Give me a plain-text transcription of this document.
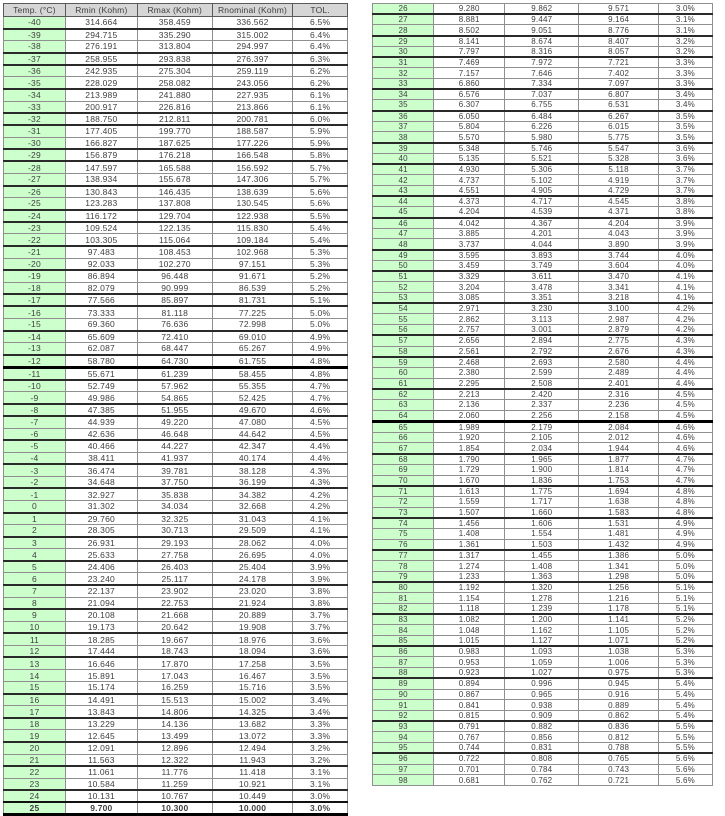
Temp. (°C)	Rmin (Kohm)	Rmax (Kohm)	Rnominal (Kohm)	TOL.
-40	314.664	358.459	336.562	6.5%
-39	294.715	335.290	315.002	6.4%
-38	276.191	313.804	294.997	6.4%
-37	258.955	293.838	276.397	6.3%
-36	242.935	275.304	259.119	6.2%
-35	228.029	258.082	243.056	6.2%
-34	213.989	241.880	227.935	6.1%
-33	200.917	226.816	213.866	6.1%
-32	188.750	212.811	200.781	6.0%
-31	177.405	199.770	188.587	5.9%
-30	166.827	187.625	177.226	5.9%
-29	156.879	176.218	166.548	5.8%
-28	147.597	165.588	156.592	5.7%
-27	138.934	155.678	147.306	5.7%
-26	130.843	146.435	138.639	5.6%
-25	123.283	137.808	130.545	5.6%
-24	116.172	129.704	122.938	5.5%
-23	109.524	122.135	115.830	5.4%
-22	103.305	115.064	109.184	5.4%
-21	97.483	108.453	102.968	5.3%
-20	92.033	102.270	97.151	5.3%
-19	86.894	96.448	91.671	5.2%
-18	82.079	90.999	86.539	5.2%
-17	77.566	85.897	81.731	5.1%
-16	73.333	81.118	77.225	5.0%
-15	69.360	76.636	72.998	5.0%
-14	65.609	72.410	69.010	4.9%
-13	62.087	68.447	65.267	4.9%
-12	58.780	64.730	61.755	4.8%
-11	55.671	61.239	58.455	4.8%
-10	52.749	57.962	55.355	4.7%
-9	49.986	54.865	52.425	4.7%
-8	47.385	51.955	49.670	4.6%
-7	44.939	49.220	47.080	4.5%
-6	42.636	46.648	44.642	4.5%
-5	40.466	44.227	42.347	4.4%
-4	38.411	41.937	40.174	4.4%
-3	36.474	39.781	38.128	4.3%
-2	34.648	37.750	36.199	4.3%
-1	32.927	35.838	34.382	4.2%
0	31.302	34.034	32.668	4.2%
1	29.760	32.325	31.043	4.1%
2	28.305	30.713	29.509	4.1%
3	26.931	29.193	28.062	4.0%
4	25.633	27.758	26.695	4.0%
5	24.406	26.403	25.404	3.9%
6	23.240	25.117	24.178	3.9%
7	22.137	23.902	23.020	3.8%
8	21.094	22.753	21.924	3.8%
9	20.108	21.668	20.889	3.7%
10	19.173	20.642	19.908	3.7%
11	18.285	19.667	18.976	3.6%
12	17.444	18.743	18.094	3.6%
13	16.646	17.870	17.258	3.5%
14	15.891	17.043	16.467	3.5%
15	15.174	16.259	15.716	3.5%
16	14.491	15.513	15.002	3.4%
17	13.843	14.806	14.325	3.4%
18	13.229	14.136	13.682	3.3%
19	12.645	13.499	13.072	3.3%
20	12.091	12.896	12.494	3.2%
21	11.563	12.322	11.943	3.2%
22	11.061	11.776	11.418	3.1%
23	10.584	11.259	10.921	3.1%
24	10.131	10.767	10.449	3.0%
25	9.700	10.300	10.000	3.0%
26	9.280	9.862	9.571	3.0%
27	8.881	9.447	9.164	3.1%
28	8.502	9.051	8.776	3.1%
29	8.141	8.674	8.407	3.2%
30	7.797	8.316	8.057	3.2%
31	7.469	7.972	7.721	3.3%
32	7.157	7.646	7.402	3.3%
33	6.860	7.334	7.097	3.3%
34	6.576	7.037	6.807	3.4%
35	6.307	6.755	6.531	3.4%
36	6.050	6.484	6.267	3.5%
37	5.804	6.226	6.015	3.5%
38	5.570	5.980	5.775	3.5%
39	5.348	5.746	5.547	3.6%
40	5.135	5.521	5.328	3.6%
41	4.930	5.306	5.118	3.7%
42	4.737	5.102	4.919	3.7%
43	4.551	4.905	4.729	3.7%
44	4.373	4.717	4.545	3.8%
45	4.204	4.539	4.371	3.8%
46	4.042	4.367	4.204	3.9%
47	3.885	4.201	4.043	3.9%
48	3.737	4.044	3.890	3.9%
49	3.595	3.893	3.744	4.0%
50	3.459	3.749	3.604	4.0%
51	3.329	3.611	3.470	4.1%
52	3.204	3.478	3.341	4.1%
53	3.085	3.351	3.218	4.1%
54	2.971	3.230	3.100	4.2%
55	2.862	3.113	2.987	4.2%
56	2.757	3.001	2.879	4.2%
57	2.656	2.894	2.775	4.3%
58	2.561	2.792	2.676	4.3%
59	2.468	2.693	2.580	4.4%
60	2.380	2.599	2.489	4.4%
61	2.295	2.508	2.401	4.4%
62	2.213	2.420	2.316	4.5%
63	2.136	2.337	2.236	4.5%
64	2.060	2.256	2.158	4.5%
65	1.989	2.179	2.084	4.6%
66	1.920	2.105	2.012	4.6%
67	1.854	2.034	1.944	4.6%
68	1.790	1.965	1.877	4.7%
69	1.729	1.900	1.814	4.7%
70	1.670	1.836	1.753	4.7%
71	1.613	1.775	1.694	4.8%
72	1.559	1.717	1.638	4.8%
73	1.507	1.660	1.583	4.8%
74	1.456	1.606	1.531	4.9%
75	1.408	1.554	1.481	4.9%
76	1.361	1.503	1.432	4.9%
77	1.317	1.455	1.386	5.0%
78	1.274	1.408	1.341	5.0%
79	1.233	1.363	1.298	5.0%
80	1.192	1.320	1.256	5.1%
81	1.154	1.278	1.216	5.1%
82	1.118	1.239	1.178	5.1%
83	1.082	1.200	1.141	5.2%
84	1.048	1.162	1.105	5.2%
85	1.015	1.127	1.071	5.2%
86	0.983	1.093	1.038	5.3%
87	0.953	1.059	1.006	5.3%
88	0.923	1.027	0.975	5.3%
89	0.894	0.996	0.945	5.4%
90	0.867	0.965	0.916	5.4%
91	0.841	0.938	0.889	5.4%
92	0.815	0.909	0.862	5.4%
93	0.791	0.882	0.836	5.5%
94	0.767	0.856	0.812	5.5%
95	0.744	0.831	0.788	5.5%
96	0.722	0.808	0.765	5.6%
97	0.701	0.784	0.743	5.6%
98	0.681	0.762	0.721	5.6%
